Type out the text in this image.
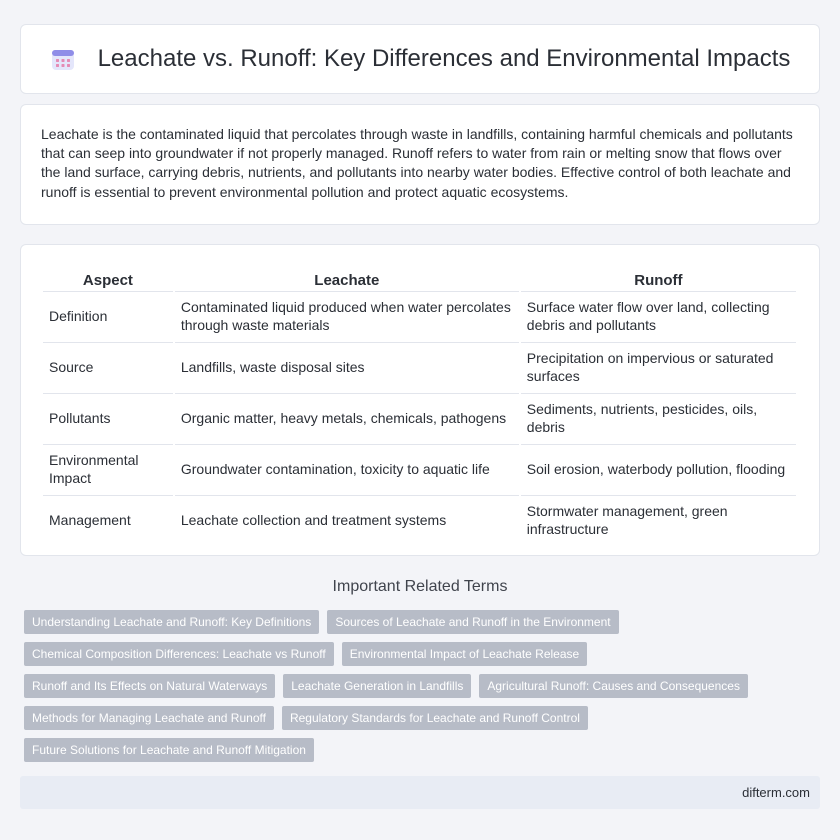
Leachate vs. Runoff: Key Differences and Environmental Impacts

Leachate is the contaminated liquid that percolates through waste in landfills, containing harmful chemicals and pollutants that can seep into groundwater if not properly managed. Runoff refers to water from rain or melting snow that flows over the land surface, carrying debris, nutrients, and pollutants into nearby water bodies. Effective control of both leachate and runoff is essential to prevent environmental pollution and protect aquatic ecosystems.

Aspect	Leachate	Runoff
Definition	Contaminated liquid produced when water percolates through waste materials	Surface water flow over land, collecting debris and pollutants
Source	Landfills, waste disposal sites	Precipitation on impervious or saturated surfaces
Pollutants	Organic matter, heavy metals, chemicals, pathogens	Sediments, nutrients, pesticides, oils, debris
Environmental Impact	Groundwater contamination, toxicity to aquatic life	Soil erosion, waterbody pollution, flooding
Management	Leachate collection and treatment systems	Stormwater management, green infrastructure
Important Related Terms
Understanding Leachate and Runoff: Key Definitions	Sources of Leachate and Runoff in the Environment
Chemical Composition Differences: Leachate vs Runoff	Environmental Impact of Leachate Release
Runoff and Its Effects on Natural Waterways	Leachate Generation in Landfills	Agricultural Runoff: Causes and Consequences
Methods for Managing Leachate and Runoff	Regulatory Standards for Leachate and Runoff Control
Future Solutions for Leachate and Runoff Mitigation
difterm.com
